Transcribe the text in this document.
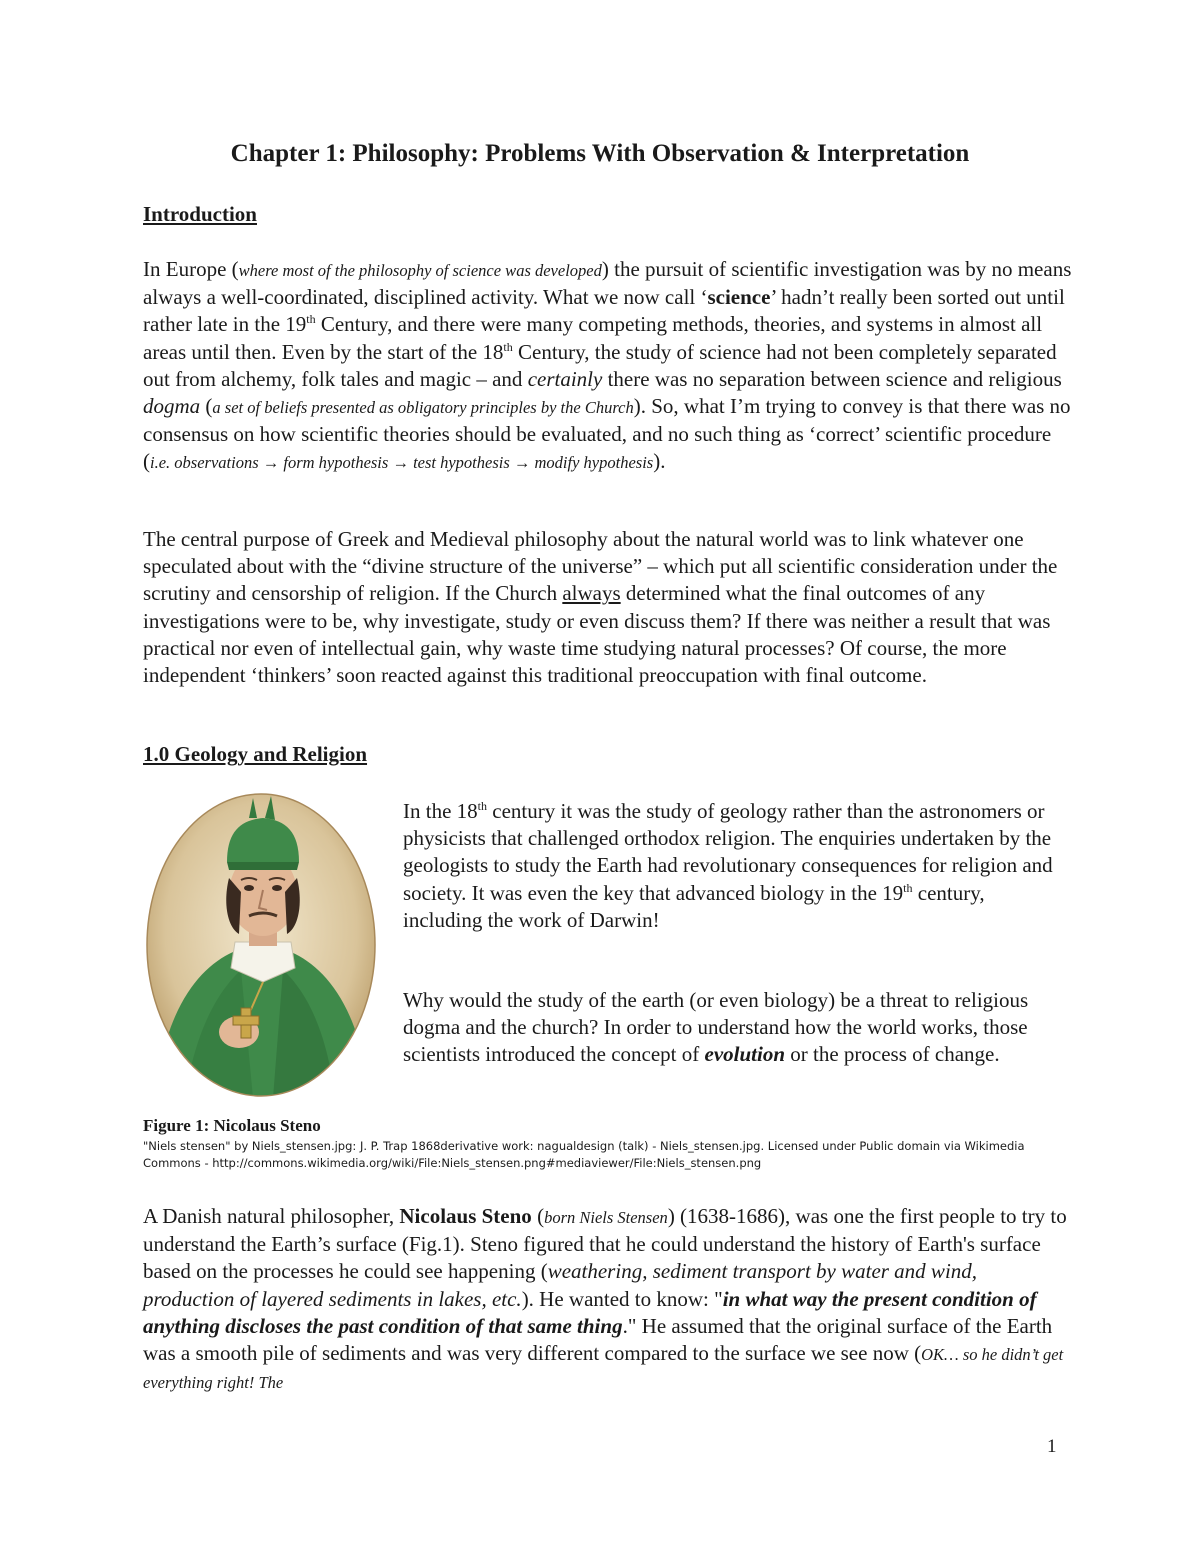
Chapter 1: Philosophy: Problems With Observation & Interpretation
Introduction
In Europe (where most of the philosophy of science was developed) the pursuit of scientific investigation was by no means always a well-coordinated, disciplined activity. What we now call ‘science’ hadn’t really been sorted out until rather late in the 19th Century, and there were many competing methods, theories, and systems in almost all areas until then. Even by the start of the 18th Century, the study of science had not been completely separated out from alchemy, folk tales and magic – and certainly there was no separation between science and religious dogma (a set of beliefs presented as obligatory principles by the Church). So, what I’m trying to convey is that there was no consensus on how scientific theories should be evaluated, and no such thing as ‘correct’ scientific procedure (i.e. observations → form hypothesis → test hypothesis → modify hypothesis).
The central purpose of Greek and Medieval philosophy about the natural world was to link whatever one speculated about with the “divine structure of the universe” – which put all scientific consideration under the scrutiny and censorship of religion. If the Church always determined what the final outcomes of any investigations were to be, why investigate, study or even discuss them? If there was neither a result that was practical nor even of intellectual gain, why waste time studying natural processes? Of course, the more independent ‘thinkers’ soon reacted against this traditional preoccupation with final outcome.
1.0 Geology and Religion
In the 18th century it was the study of geology rather than the astronomers or physicists that challenged orthodox religion. The enquiries undertaken by the geologists to study the Earth had revolutionary consequences for religion and society. It was even the key that advanced biology in the 19th century, including the work of Darwin!
Why would the study of the earth (or even biology) be a threat to religious dogma and the church? In order to understand how the world works, those scientists introduced the concept of evolution or the process of change.
Figure 1: Nicolaus Steno
"Niels stensen" by Niels_stensen.jpg: J. P. Trap 1868derivative work: nagualdesign (talk) - Niels_stensen.jpg. Licensed under Public domain via Wikimedia Commons - http://commons.wikimedia.org/wiki/File:Niels_stensen.png#mediaviewer/File:Niels_stensen.png
A Danish natural philosopher, Nicolaus Steno (born Niels Stensen) (1638-1686), was one the first people to try to understand the Earth’s surface (Fig.1). Steno figured that he could understand the history of Earth's surface based on the processes he could see happening (weathering, sediment transport by water and wind, production of layered sediments in lakes, etc.). He wanted to know: "in what way the present condition of anything discloses the past condition of that same thing." He assumed that the original surface of the Earth was a smooth pile of sediments and was very different compared to the surface we see now (OK… so he didn’t get everything right! The
1
